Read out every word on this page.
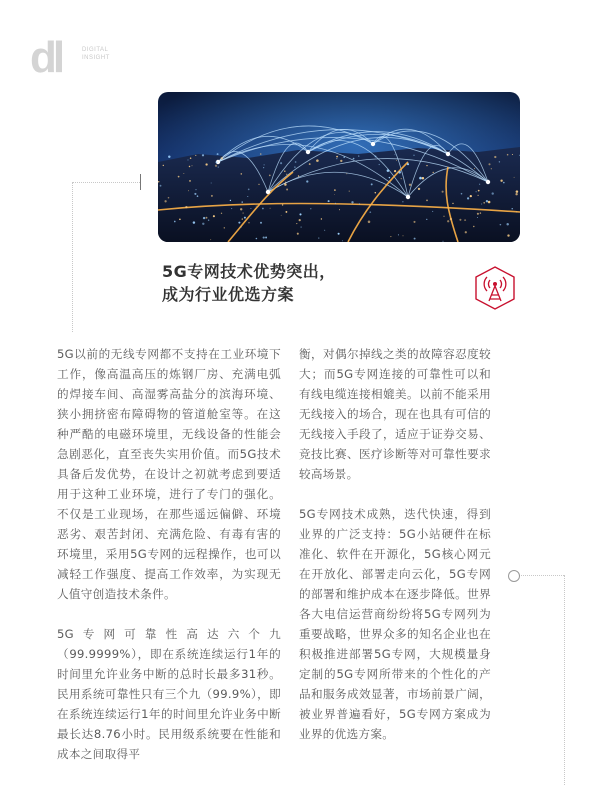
dl	DIGITAL
INSIGHT
5G专网技术优势突出，
成为行业优选方案

5G以前的无线专网都不支持在工业环境下工作，像高温高压的炼钢厂房、充满电弧的焊接车间、高湿雾高盐分的滨海环境、狭小拥挤密布障碍物的管道舱室等。在这种严酷的电磁环境里，无线设备的性能会急剧恶化，直至丧失实用价值。而5G技术具备后发优势，在设计之初就考虑到要适用于这种工业环境，进行了专门的强化。不仅是工业现场，在那些遥远偏僻、环境恶劣、艰苦封闭、充满危险、有毒有害的环境里，采用5G专网的远程操作，也可以减轻工作强度、提高工作效率，为实现无人值守创造技术条件。

5G专网可靠性高达六个九（99.9999%），即在系统连续运行1年的时间里允许业务中断的总时长最多31秒。民用系统可靠性只有三个九（99.9%），即在系统连续运行1年的时间里允许业务中断最长达8.76小时。民用级系统要在性能和成本之间取得平

衡，对偶尔掉线之类的故障容忍度较大；而5G专网连接的可靠性可以和有线电缆连接相媲美。以前不能采用无线接入的场合，现在也具有可信的无线接入手段了，适应于证券交易、竞技比赛、医疗诊断等对可靠性要求较高场景。

5G专网技术成熟，迭代快速，得到业界的广泛支持：5G小站硬件在标准化、软件在开源化，5G核心网元在开放化、部署走向云化，5G专网的部署和维护成本在逐步降低。世界各大电信运营商纷纷将5G专网列为重要战略，世界众多的知名企业也在积极推进部署5G专网，大规模量身定制的5G专网所带来的个性化的产品和服务成效显著，市场前景广阔，被业界普遍看好，5G专网方案成为业界的优选方案。
